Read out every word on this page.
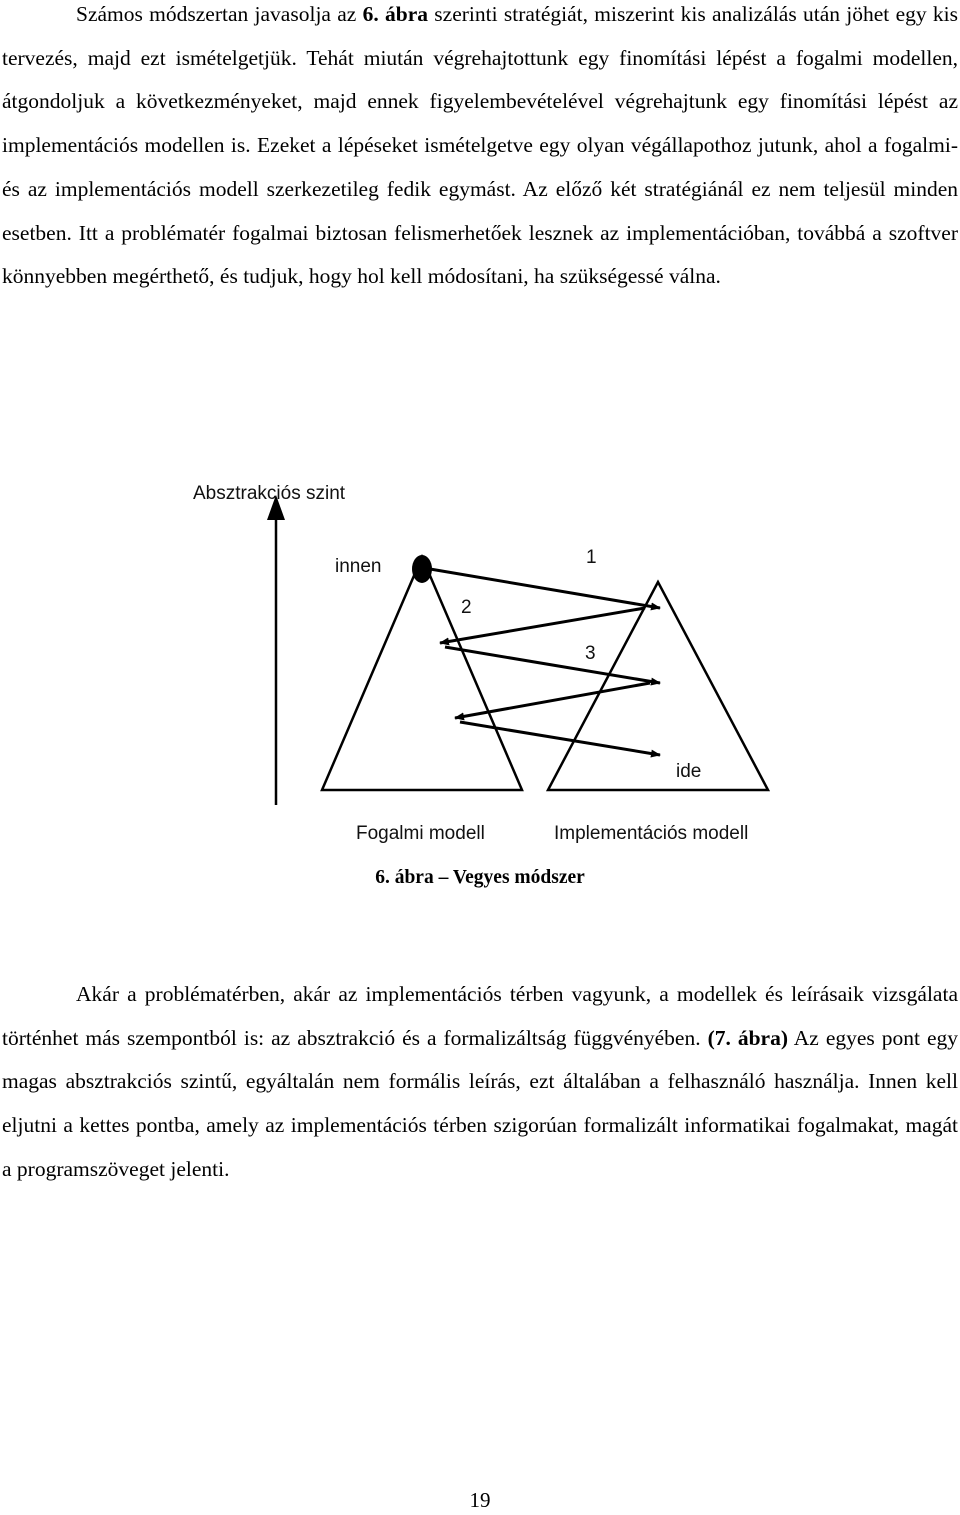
Számos módszertan javasolja az 6. ábra szerinti stratégiát, miszerint kis analizálás után jöhet egy kis tervezés, majd ezt ismételgetjük. Tehát miután végrehajtottunk egy finomítási lépést a fogalmi modellen, átgondoljuk a következményeket, majd ennek figyelembevételével végrehajtunk egy finomítási lépést az implementációs modellen is. Ezeket a lépéseket ismételgetve egy olyan végállapothoz jutunk, ahol a fogalmi- és az implementációs modell szerkezetileg fedik egymást. Az előző két stratégiánál ez nem teljesül minden esetben. Itt a problématér fogalmai biztosan felismerhetőek lesznek az implementációban, továbbá a szoftver könnyebben megérthető, és tudjuk, hogy hol kell módosítani, ha szükségessé válna.

Absztrakciós szint
innen	1
2
3
ide
Fogalmi modell	Implementációs modell
6. ábra – Vegyes módszer

Akár a problématérben, akár az implementációs térben vagyunk, a modellek és leírásaik vizsgálata történhet más szempontból is: az absztrakció és a formalizáltság függvényében. (7. ábra) Az egyes pont egy magas absztrakciós szintű, egyáltalán nem formális leírás, ezt általában a felhasználó használja. Innen kell eljutni a kettes pontba, amely az implementációs térben szigorúan formalizált informatikai fogalmakat, magát a programszöveget jelenti.

19
